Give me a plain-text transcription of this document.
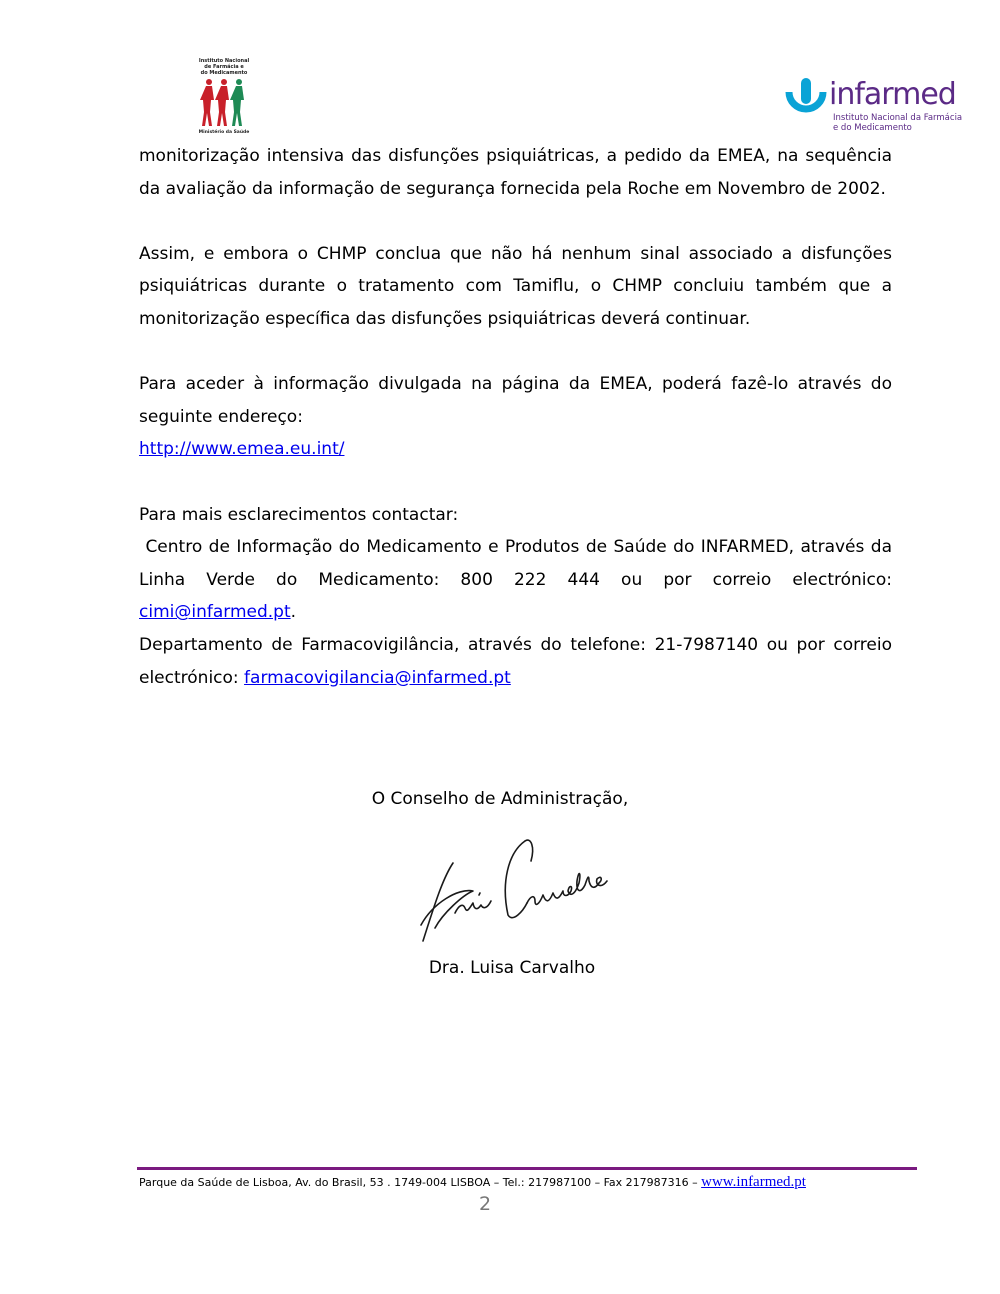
Instituto Nacional
de Farmácia e
do Medicamento
Ministério da Saúde
infarmed
Instituto Nacional da Farmácia
e do Medicamento

monitorização intensiva das disfunções psiquiátricas, a pedido da EMEA, na sequência da avaliação da informação de segurança fornecida pela Roche em Novembro de 2002.

Assim, e embora o CHMP conclua que não há nenhum sinal associado a disfunções psiquiátricas durante o tratamento com Tamiflu, o CHMP concluiu também que a monitorização específica das disfunções psiquiátricas deverá continuar.

Para aceder à informação divulgada na página da EMEA, poderá fazê-lo através do seguinte endereço:

http://www.emea.eu.int/

Para mais esclarecimentos contactar:

Centro de Informação do Medicamento e Produtos de Saúde do INFARMED, através da Linha Verde do Medicamento: 800 222 444 ou por correio electrónico: cimi@infarmed.pt.

Departamento de Farmacovigilância, através do telefone: 21-7987140 ou por correio electrónico: farmacovigilancia@infarmed.pt

O Conselho de Administração,
Dra. Luisa Carvalho
Parque da Saúde de Lisboa, Av. do Brasil, 53 . 1749-004 LISBOA – Tel.: 217987100 – Fax 217987316 – www.infarmed.pt
2
